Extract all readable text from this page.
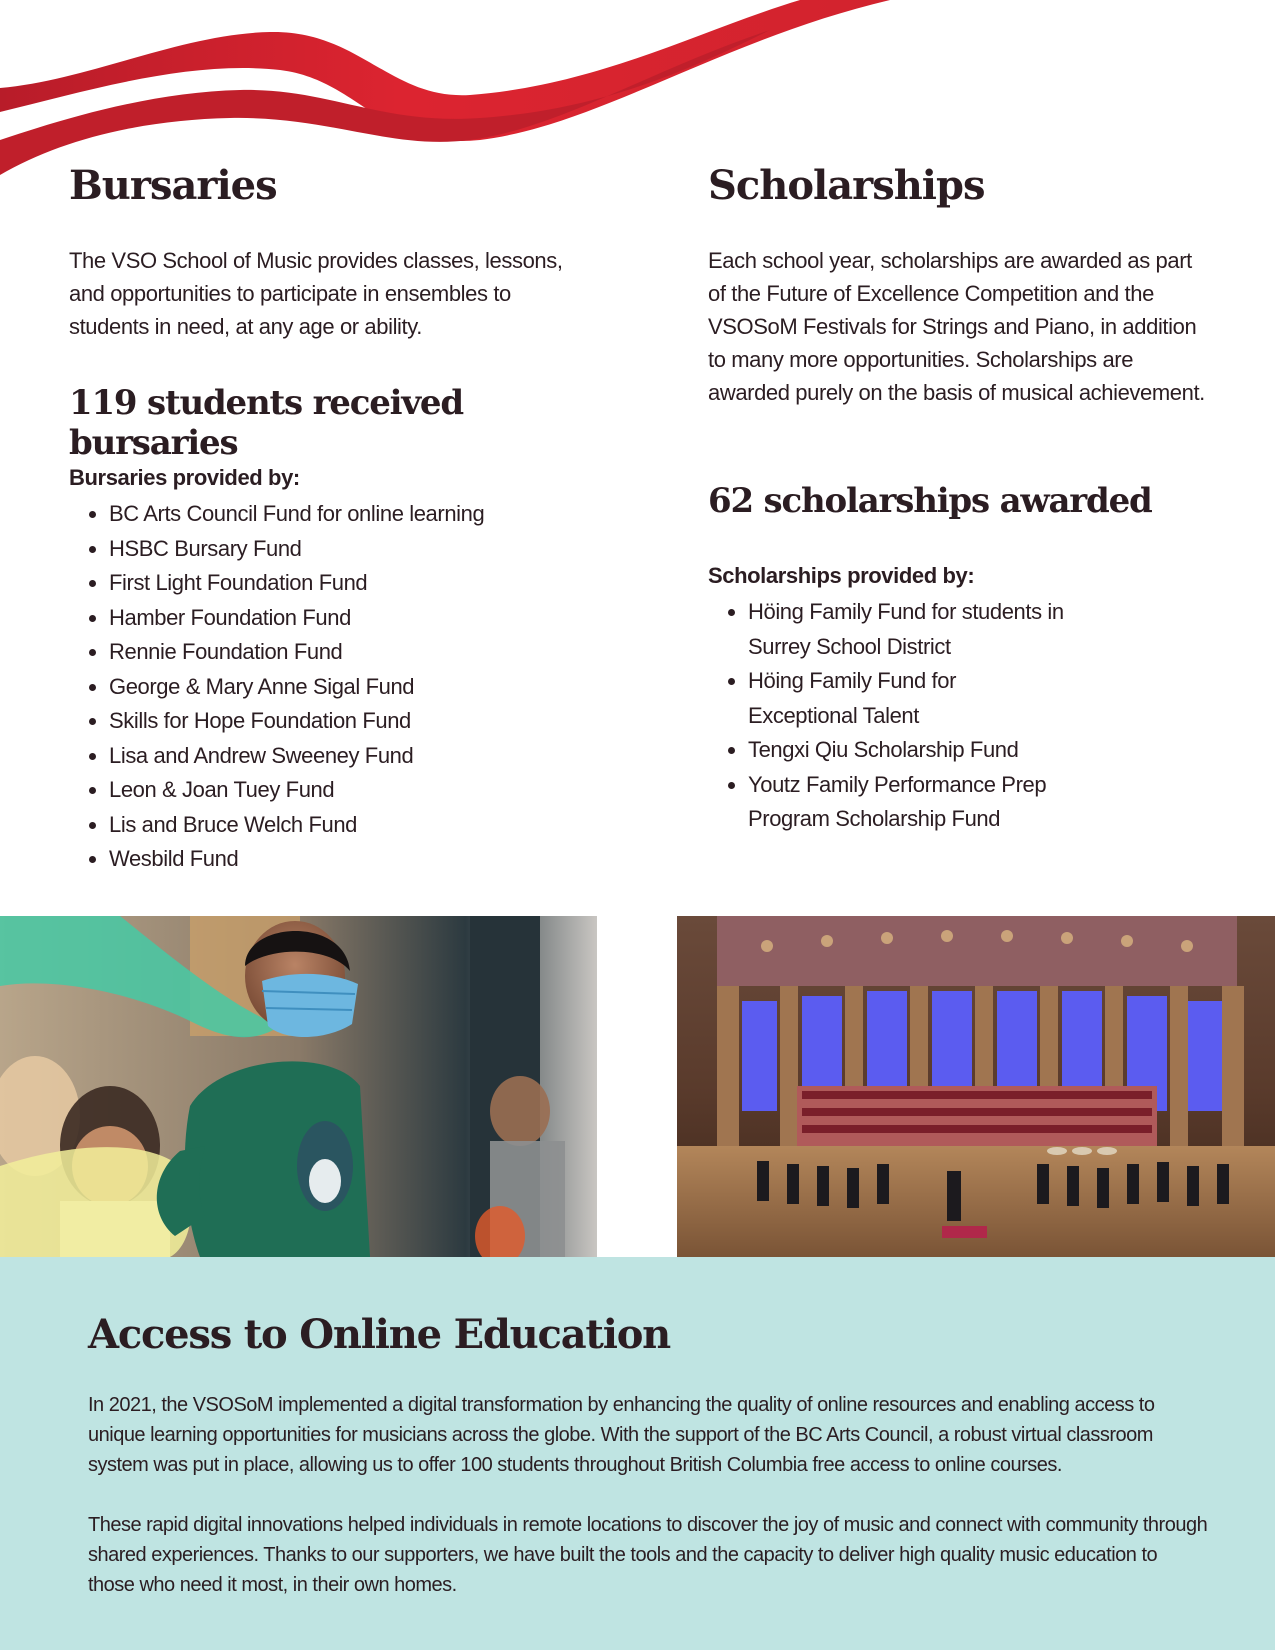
Bursaries

The VSO School of Music provides classes, lessons, and opportunities to participate in ensembles to students in need, at any age or ability.

119 students received bursaries
Bursaries provided by:
• BC Arts Council Fund for online learning
• HSBC Bursary Fund
• First Light Foundation Fund
• Hamber Foundation Fund
• Rennie Foundation Fund
• George & Mary Anne Sigal Fund
• Skills for Hope Foundation Fund
• Lisa and Andrew Sweeney Fund
• Leon & Joan Tuey Fund
• Lis and Bruce Welch Fund
• Wesbild Fund
Scholarships

Each school year, scholarships are awarded as part of the Future of Excellence Competition and the VSOSoM Festivals for Strings and Piano, in addition to many more opportunities. Scholarships are awarded purely on the basis of musical achievement.

62 scholarships awarded
Scholarships provided by:
• Höing Family Fund for students in Surrey School District
• Höing Family Fund for Exceptional Talent
• Tengxi Qiu Scholarship Fund
• Youtz Family Performance Prep Program Scholarship Fund
Access to Online Education

In 2021, the VSOSoM implemented a digital transformation by enhancing the quality of online resources and enabling access to unique learning opportunities for musicians across the globe. With the support of the BC Arts Council, a robust virtual classroom system was put in place, allowing us to offer 100 students throughout British Columbia free access to online courses.

These rapid digital innovations helped individuals in remote locations to discover the joy of music and connect with community through shared experiences. Thanks to our supporters, we have built the tools and the capacity to deliver high quality music education to those who need it most, in their own homes.
